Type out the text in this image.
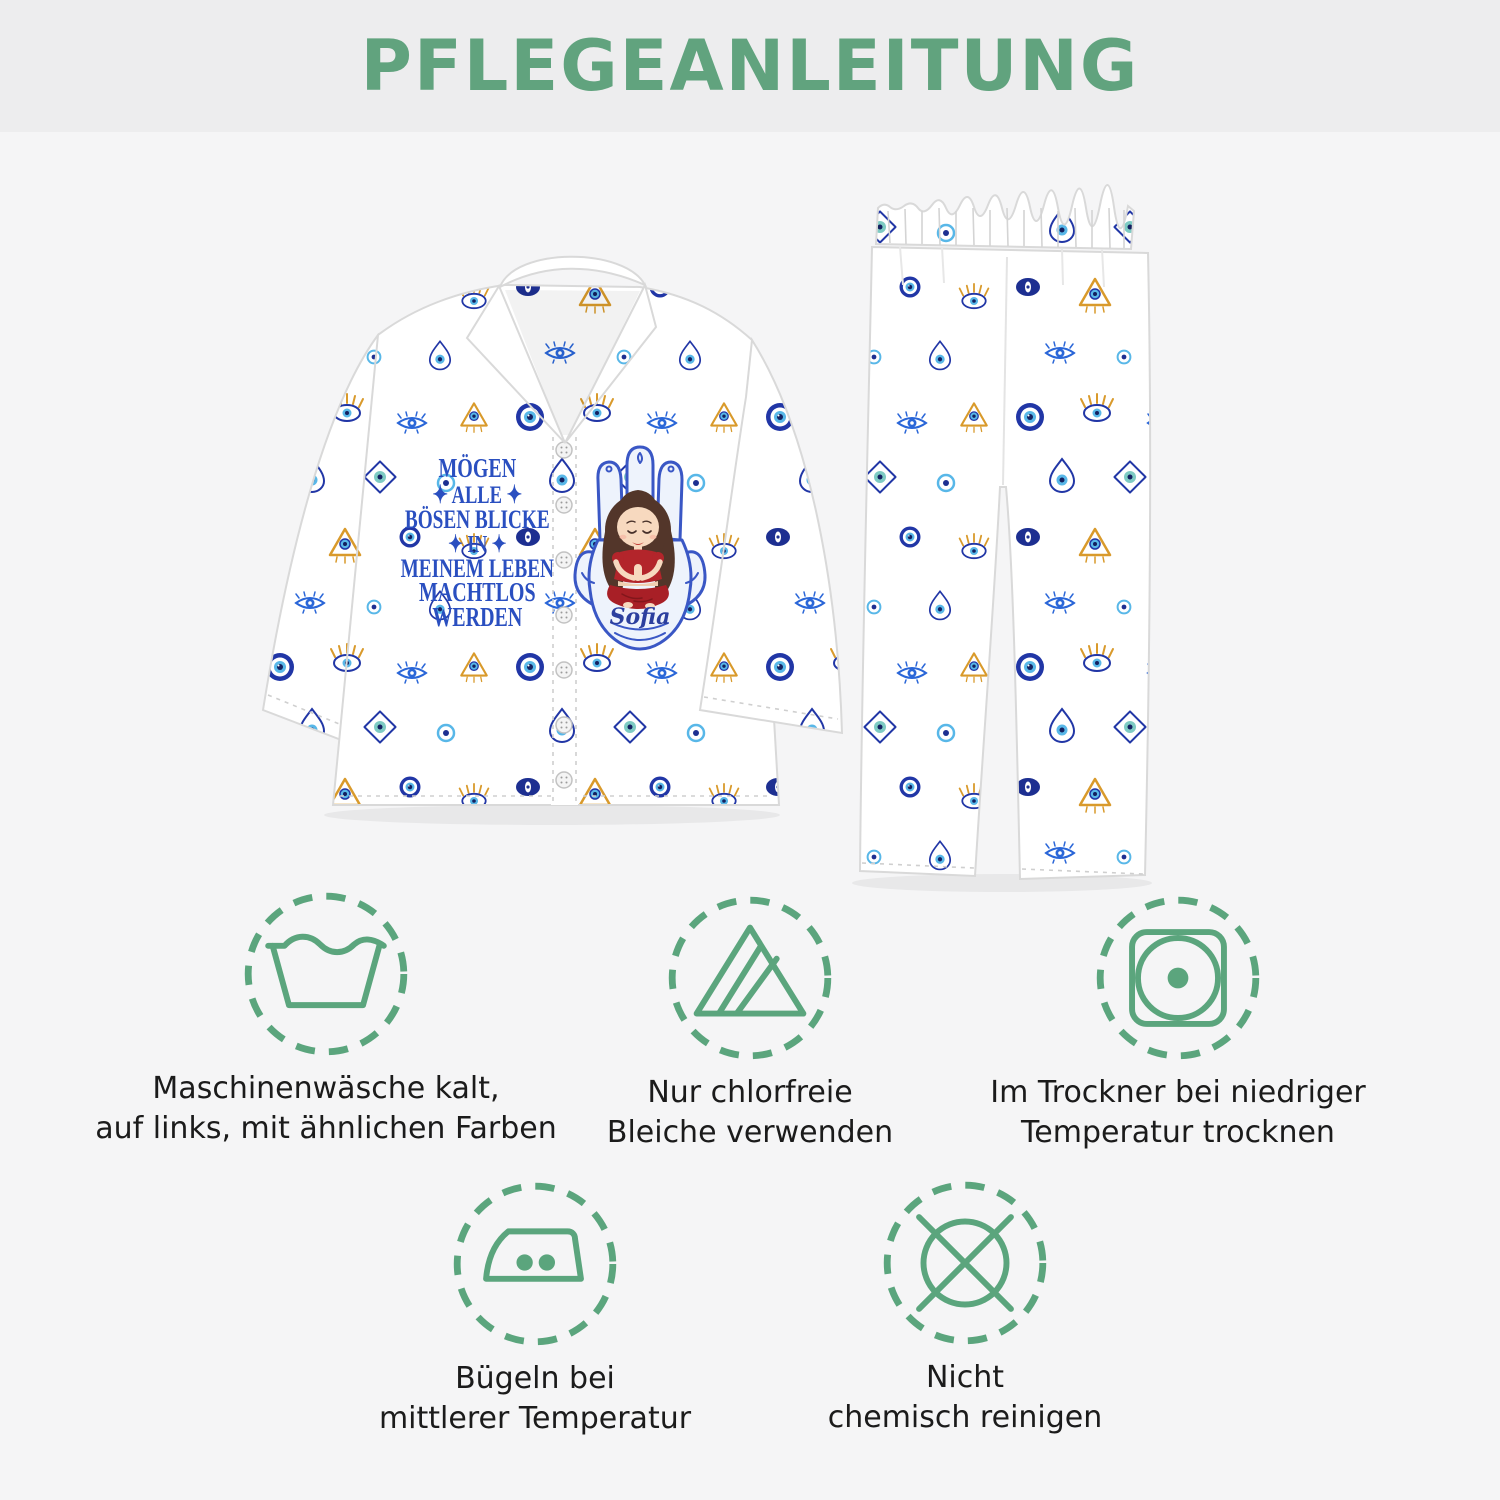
PFLEGEANLEITUNG
MÖGEN
✦ ALLE ✦
BÖSEN BLICKE
✦ IN ✦
MEINEM LEBEN
MACHTLOS
WERDEN	Sofia
Maschinenwäsche kalt,
auf links, mit ähnlichen Farben
Nur chlorfreie
Bleiche verwenden
Im Trockner bei niedriger
Temperatur trocknen
Bügeln bei
mittlerer Temperatur
Nicht
chemisch reinigen
